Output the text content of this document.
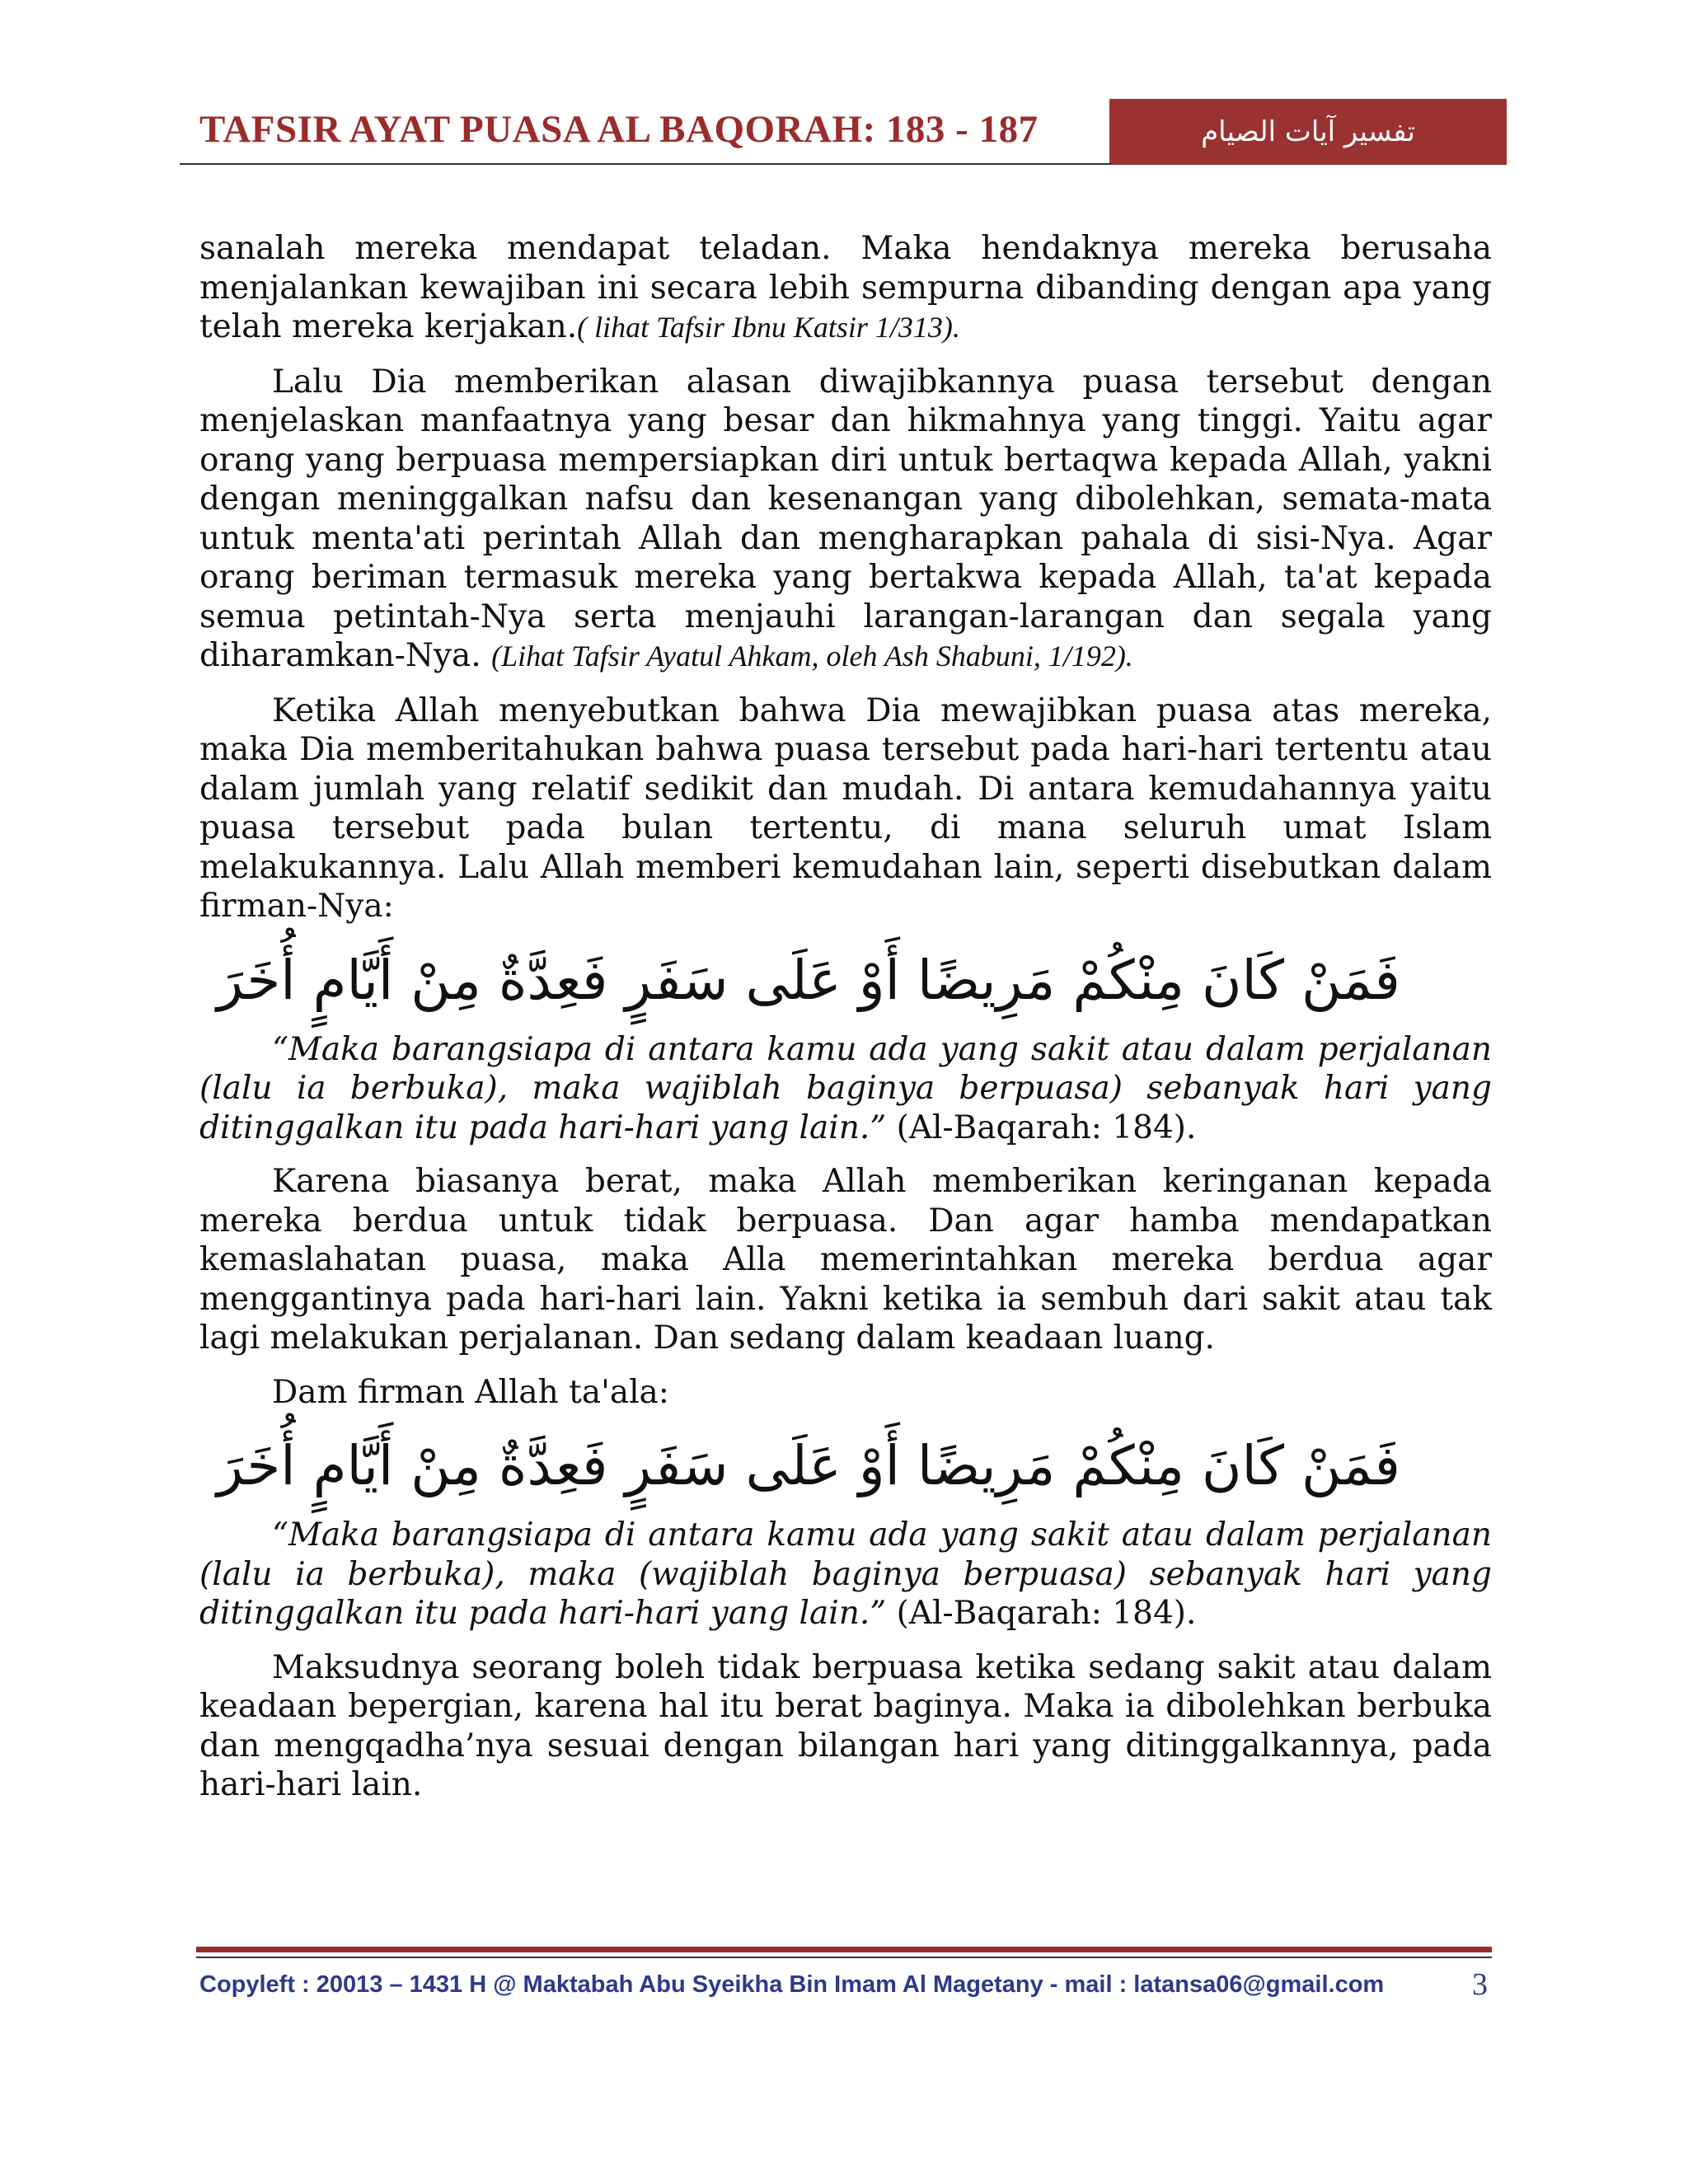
TAFSIR AYAT PUASA AL BAQORAH: 183 - 187	تفسير آيات الصيام

sanalah mereka mendapat teladan. Maka hendaknya mereka berusaha menjalankan kewajiban ini secara lebih sempurna dibanding dengan apa yang telah mereka kerjakan.( lihat Tafsir Ibnu Katsir 1/313).

Lalu Dia memberikan alasan diwajibkannya puasa tersebut dengan menjelaskan manfaatnya yang besar dan hikmahnya yang tinggi. Yaitu agar orang yang berpuasa mempersiapkan diri untuk bertaqwa kepada Allah, yakni dengan meninggalkan nafsu dan kesenangan yang dibolehkan, semata-mata untuk menta'ati perintah Allah dan mengharapkan pahala di sisi-Nya. Agar orang beriman termasuk mereka yang bertakwa kepada Allah, ta'at kepada semua petintah-Nya serta menjauhi larangan-larangan dan segala yang diharamkan-Nya. (Lihat Tafsir Ayatul Ahkam, oleh Ash Shabuni, 1/192).

Ketika Allah menyebutkan bahwa Dia mewajibkan puasa atas mereka, maka Dia memberitahukan bahwa puasa tersebut pada hari-hari tertentu atau dalam jumlah yang relatif sedikit dan mudah. Di antara kemudahannya yaitu puasa tersebut pada bulan tertentu, di mana seluruh umat Islam melakukannya. Lalu Allah memberi kemudahan lain, seperti disebutkan dalam firman-Nya:

فَمَنْ كَانَ مِنْكُمْ مَرِيضًا أَوْ عَلَى سَفَرٍ فَعِدَّةٌ مِنْ أَيَّامٍ أُخَرَ

“Maka barangsiapa di antara kamu ada yang sakit atau dalam perjalanan (lalu ia berbuka), maka wajiblah baginya berpuasa) sebanyak hari yang ditinggalkan itu pada hari-hari yang lain.” (Al-Baqarah: 184).

Karena biasanya berat, maka Allah memberikan keringanan kepada mereka berdua untuk tidak berpuasa. Dan agar hamba mendapatkan kemaslahatan puasa, maka Alla memerintahkan mereka berdua agar menggantinya pada hari-hari lain. Yakni ketika ia sembuh dari sakit atau tak lagi melakukan perjalanan. Dan sedang dalam keadaan luang.

Dam firman Allah ta'ala:

فَمَنْ كَانَ مِنْكُمْ مَرِيضًا أَوْ عَلَى سَفَرٍ فَعِدَّةٌ مِنْ أَيَّامٍ أُخَرَ

“Maka barangsiapa di antara kamu ada yang sakit atau dalam perjalanan (lalu ia berbuka), maka (wajiblah baginya berpuasa) sebanyak hari yang ditinggalkan itu pada hari-hari yang lain.” (Al-Baqarah: 184).

Maksudnya seorang boleh tidak berpuasa ketika sedang sakit atau dalam keadaan bepergian, karena hal itu berat baginya. Maka ia dibolehkan berbuka dan mengqadha’nya sesuai dengan bilangan hari yang ditinggalkannya, pada hari-hari lain.

Copyleft : 20013 – 1431 H @ Maktabah Abu Syeikha Bin Imam Al Magetany - mail : latansa06@gmail.com	3
